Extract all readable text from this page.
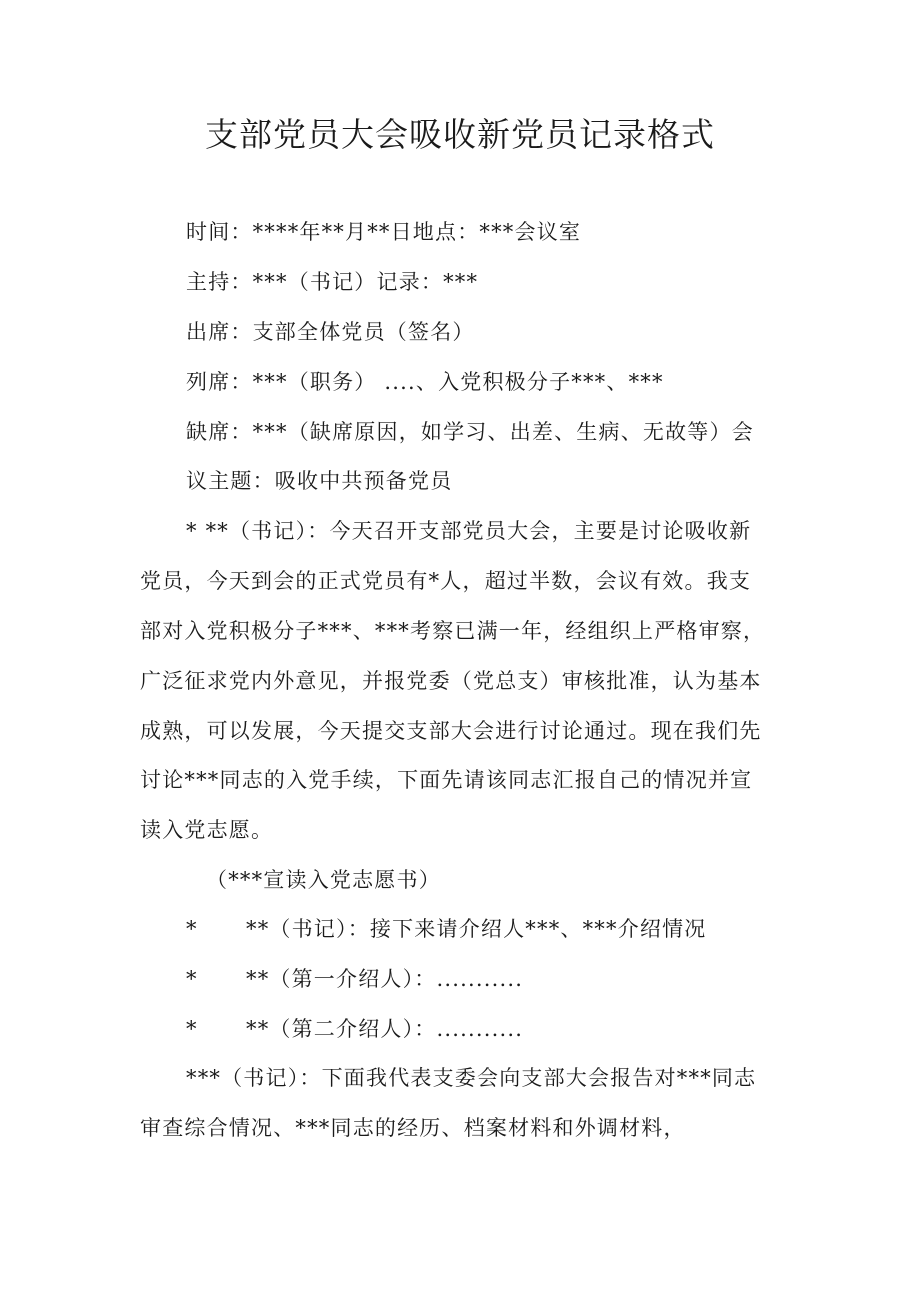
支部党员大会吸收新党员记录格式
时间：****年**月**日地点：***会议室
主持：***（书记）记录：***
出席：支部全体党员（签名）
列席：***（职务） ....、入党积极分子***、***
缺席：***（缺席原因，如学习、出差、生病、无故等）会
议主题：吸收中共预备党员
* **（书记）：今天召开支部党员大会，主要是讨论吸收新
党员，今天到会的正式党员有*人，超过半数，会议有效。我支
部对入党积极分子***、***考察已满一年，经组织上严格审察，
广泛征求党内外意见，并报党委（党总支）审核批准，认为基本
成熟，可以发展，今天提交支部大会进行讨论通过。现在我们先
讨论***同志的入党手续，下面先请该同志汇报自己的情况并宣
读入党志愿。
（***宣读入党志愿书）
* **（书记）：接下来请介绍人***、***介绍情况
* **（第一介绍人）：...........
* **（第二介绍人）：...........
***（书记）：下面我代表支委会向支部大会报告对***同志
审查综合情况、***同志的经历、档案材料和外调材料，
